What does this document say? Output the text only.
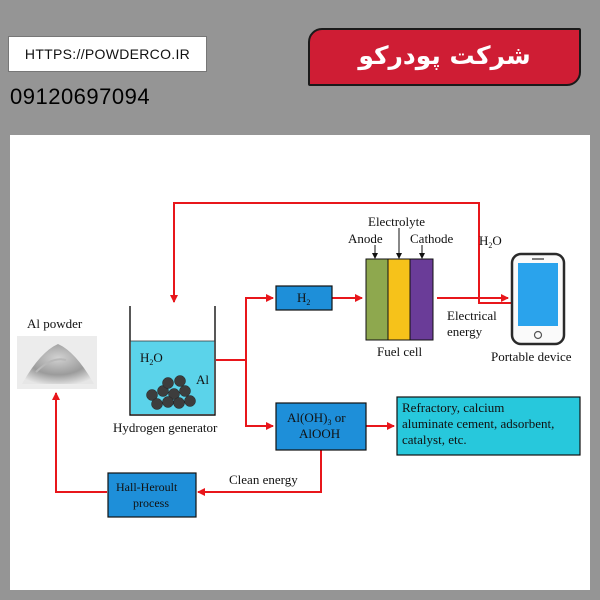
HTTPS://POWDERCO.IR
09120697094
شرکت پودرکو
Al powder
$H_2O$
Al
Hydrogen generator
$H_2$
Electrolyte
Anode Cathode $H_2O$
Fuel cell
Electrical
energy
Portable device
$Al(OH)_3$ or
AlOOH
Refractory, calcium
aluminate cement, adsorbent,
catalyst, etc.
Clean energy
Hall-Heroult
process
